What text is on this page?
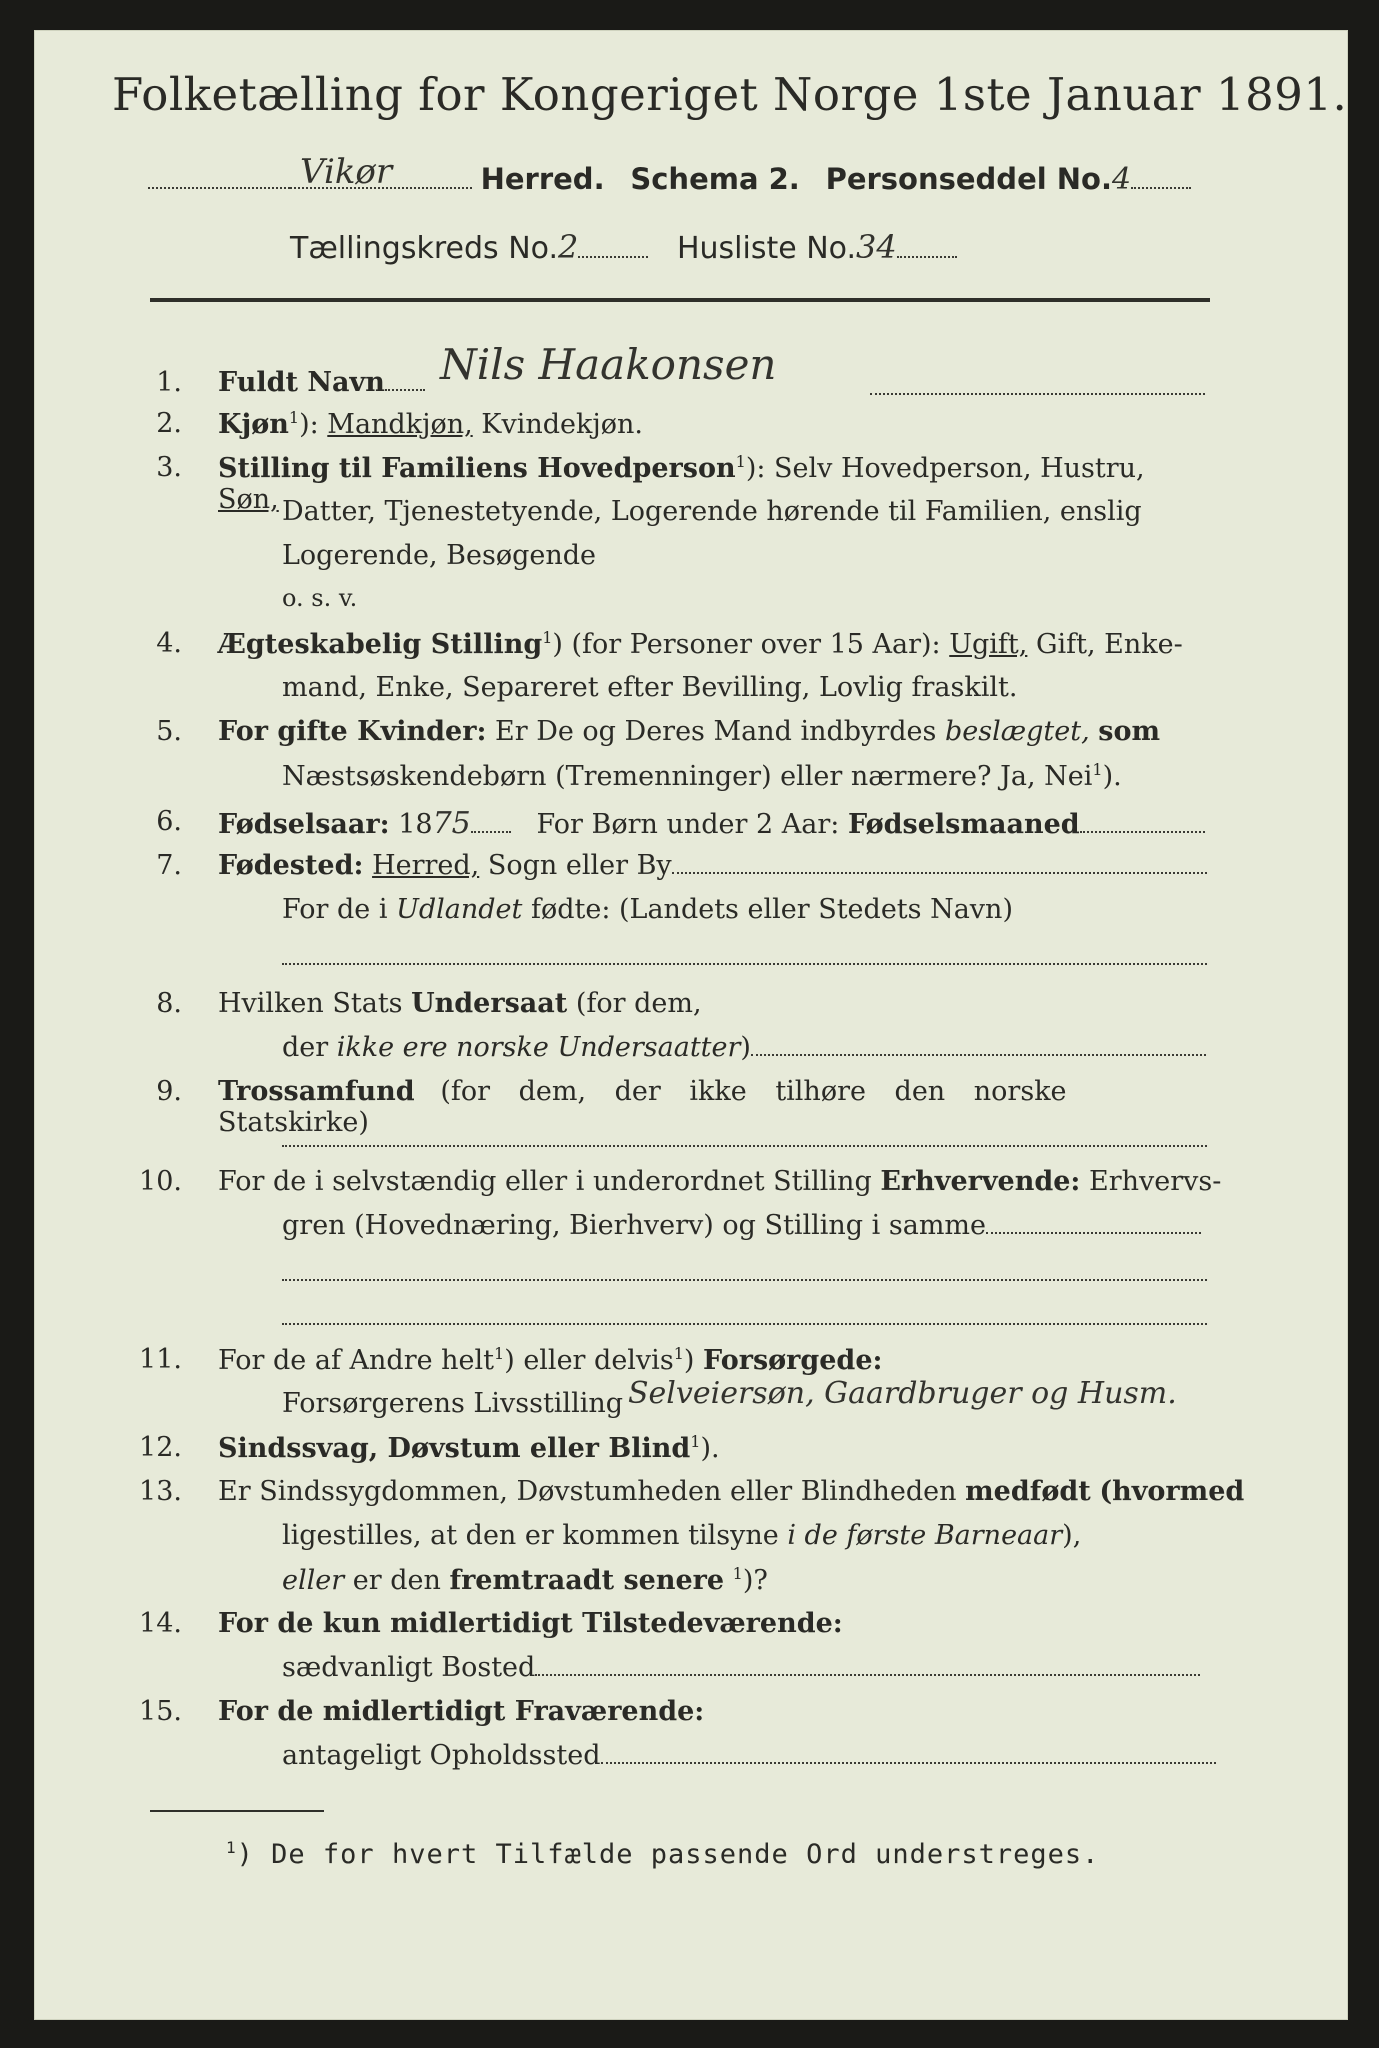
Folketælling for Kongeriget Norge 1ste Januar 1891.
Vikør	Herred. Schema 2. Personseddel No.4
Tællingskreds No.2	Husliste No.34
1. Fuldt Navn	Nils Haakonsen
2. Kjøn$^1$): Mandkjøn, Kvindekjøn.
3. Stilling til Familiens Hovedperson$^1$): Selv Hovedperson, Hustru, Søn, Datter, Tjenestetyende, Logerende hørende til Familien, enslig
Logerende, Besøgende
o. s. v.
4. Ægteskabelig Stilling$^1$) (for Personer over 15 Aar): Ugift, Gift, Enke-
mand, Enke, Separeret efter Bevilling, Lovlig fraskilt.
5. For gifte Kvinder: Er De og Deres Mand indbyrdes beslægtet, som
Næstsøskendebørn (Tremenninger) eller nærmere? Ja, Nei$^1$).
6. Fødselsaar: 1875 For Børn under 2 Aar: Fødselsmaaned
7. Fødested: Herred, Sogn eller By
For de i Udlandet fødte: (Landets eller Stedets Navn)
8. Hvilken Stats Undersaat (for dem,
der ikke ere norske Undersaatter)
9. Trossamfund (for dem, der ikke tilhøre den norske Statskirke)
10. For de i selvstændig eller i underordnet Stilling Erhvervende: Erhvervs-
gren (Hovednæring, Bierhverv) og Stilling i samme
11. For de af Andre helt$^1$) eller delvis$^1$) Forsørgede:
Forsørgerens Livsstilling Selveiersøn, Gaardbruger og Husm.
12. Sindssvag, Døvstum eller Blind$^1$).
13. Er Sindssygdommen, Døvstumheden eller Blindheden medfødt (hvormed
ligestilles, at den er kommen tilsyne i de første Barneaar),
eller er den fremtraadt senere $^1$)?
14. For de kun midlertidigt Tilstedeværende:
sædvanligt Bosted
15. For de midlertidigt Fraværende:
antageligt Opholdssted
$^1$) De for hvert Tilfælde passende Ord understreges.
